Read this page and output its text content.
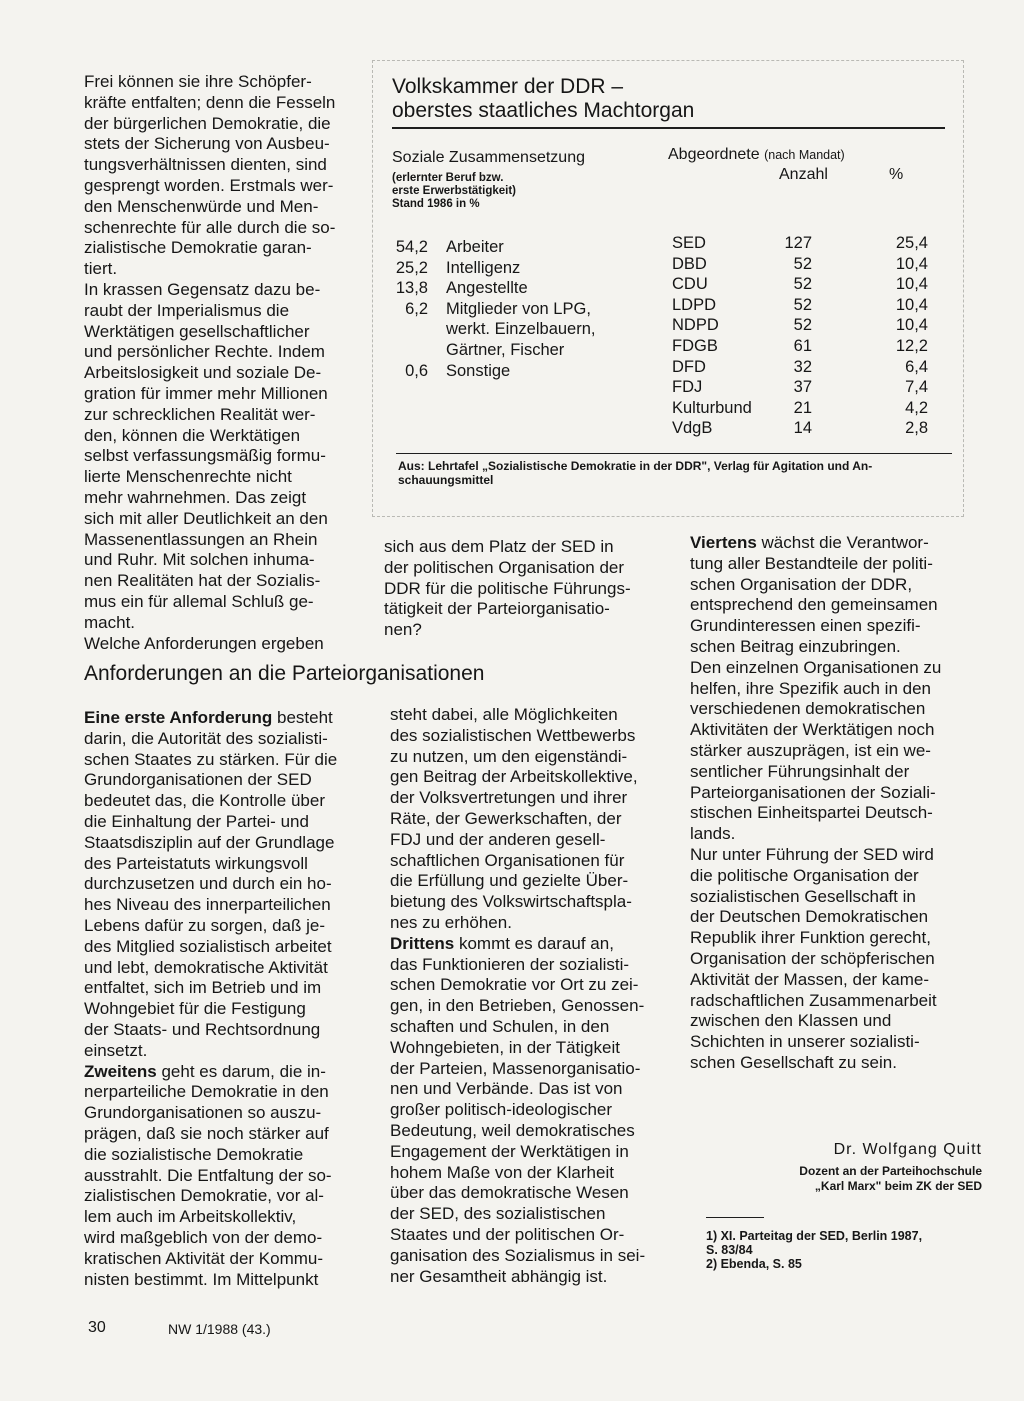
Frei können sie ihre Schöpfer-

kräfte entfalten; denn die Fesseln

der bürgerlichen Demokratie, die

stets der Sicherung von Ausbeu-

tungsverhältnissen dienten, sind

gesprengt worden. Erstmals wer-

den Menschenwürde und Men-

schenrechte für alle durch die so-

zialistische Demokratie garan-

tiert.

In krassen Gegensatz dazu be-

raubt der Imperialismus die

Werktätigen gesellschaftlicher

und persönlicher Rechte. Indem

Arbeitslosigkeit und soziale De-

gration für immer mehr Millionen

zur schrecklichen Realität wer-

den, können die Werktätigen

selbst verfassungsmäßig formu-

lierte Menschenrechte nicht

mehr wahrnehmen. Das zeigt

sich mit aller Deutlichkeit an den

Massenentlassungen an Rhein

und Ruhr. Mit solchen inhuma-

nen Realitäten hat der Sozialis-

mus ein für allemal Schluß ge-

macht.

Welche Anforderungen ergeben

Volkskammer der DDR –
oberstes staatliches Machtorgan
Soziale Zusammensetzung
(erlernter Beruf bzw.
erste Erwerbstätigkeit)
Stand 1986 in %
Abgeordnete (nach Mandat)
Anzahl	%
54,2
25,2
13,8
6,2
0,6
Arbeiter
Intelligenz
Angestellte
Mitglieder von LPG,
werkt. Einzelbauern,
Gärtner, Fischer
Sonstige
SED
DBD
CDU
LDPD
NDPD
FDGB
DFD
FDJ
Kulturbund
VdgB
127
52
52
52
52
61
32
37
21
14
25,4
10,4
10,4
10,4
10,4
12,2
6,4
7,4
4,2
2,8
Aus: Lehrtafel „Sozialistische Demokratie in der DDR", Verlag für Agitation und An-
schauungsmittel

sich aus dem Platz der SED in

der politischen Organisation der

DDR für die politische Führungs-

tätigkeit der Parteiorganisatio-

nen?

Viertens wächst die Verantwor-

tung aller Bestandteile der politi-

schen Organisation der DDR,

entsprechend den gemeinsamen

Grundinteressen einen spezifi-

schen Beitrag einzubringen.

Den einzelnen Organisationen zu

helfen, ihre Spezifik auch in den

verschiedenen demokratischen

Aktivitäten der Werktätigen noch

stärker auszuprägen, ist ein we-

sentlicher Führungsinhalt der

Parteiorganisationen der Soziali-

stischen Einheitspartei Deutsch-

lands.

Nur unter Führung der SED wird

die politische Organisation der

sozialistischen Gesellschaft in

der Deutschen Demokratischen

Republik ihrer Funktion gerecht,

Organisation der schöpferischen

Aktivität der Massen, der kame-

radschaftlichen Zusammenarbeit

zwischen den Klassen und

Schichten in unserer sozialisti-

schen Gesellschaft zu sein.

Anforderungen an die Parteiorganisationen

Eine erste Anforderung besteht

darin, die Autorität des sozialisti-

schen Staates zu stärken. Für die

Grundorganisationen der SED

bedeutet das, die Kontrolle über

die Einhaltung der Partei- und

Staatsdisziplin auf der Grundlage

des Parteistatuts wirkungsvoll

durchzusetzen und durch ein ho-

hes Niveau des innerparteilichen

Lebens dafür zu sorgen, daß je-

des Mitglied sozialistisch arbeitet

und lebt, demokratische Aktivität

entfaltet, sich im Betrieb und im

Wohngebiet für die Festigung

der Staats- und Rechtsordnung

einsetzt.

Zweitens geht es darum, die in-

nerparteiliche Demokratie in den

Grundorganisationen so auszu-

prägen, daß sie noch stärker auf

die sozialistische Demokratie

ausstrahlt. Die Entfaltung der so-

zialistischen Demokratie, vor al-

lem auch im Arbeitskollektiv,

wird maßgeblich von der demo-

kratischen Aktivität der Kommu-

nisten bestimmt. Im Mittelpunkt

steht dabei, alle Möglichkeiten

des sozialistischen Wettbewerbs

zu nutzen, um den eigenständi-

gen Beitrag der Arbeitskollektive,

der Volksvertretungen und ihrer

Räte, der Gewerkschaften, der

FDJ und der anderen gesell-

schaftlichen Organisationen für

die Erfüllung und gezielte Über-

bietung des Volkswirtschaftspla-

nes zu erhöhen.

Drittens kommt es darauf an,

das Funktionieren der sozialisti-

schen Demokratie vor Ort zu zei-

gen, in den Betrieben, Genossen-

schaften und Schulen, in den

Wohngebieten, in der Tätigkeit

der Parteien, Massenorganisatio-

nen und Verbände. Das ist von

großer politisch-ideologischer

Bedeutung, weil demokratisches

Engagement der Werktätigen in

hohem Maße von der Klarheit

über das demokratische Wesen

der SED, des sozialistischen

Staates und der politischen Or-

ganisation des Sozialismus in sei-

ner Gesamtheit abhängig ist.

Dr. Wolfgang Quitt
Dozent an der Parteihochschule
„Karl Marx" beim ZK der SED

1) XI. Parteitag der SED, Berlin 1987,

S. 83/84

2) Ebenda, S. 85

30	NW 1/1988 (43.)
